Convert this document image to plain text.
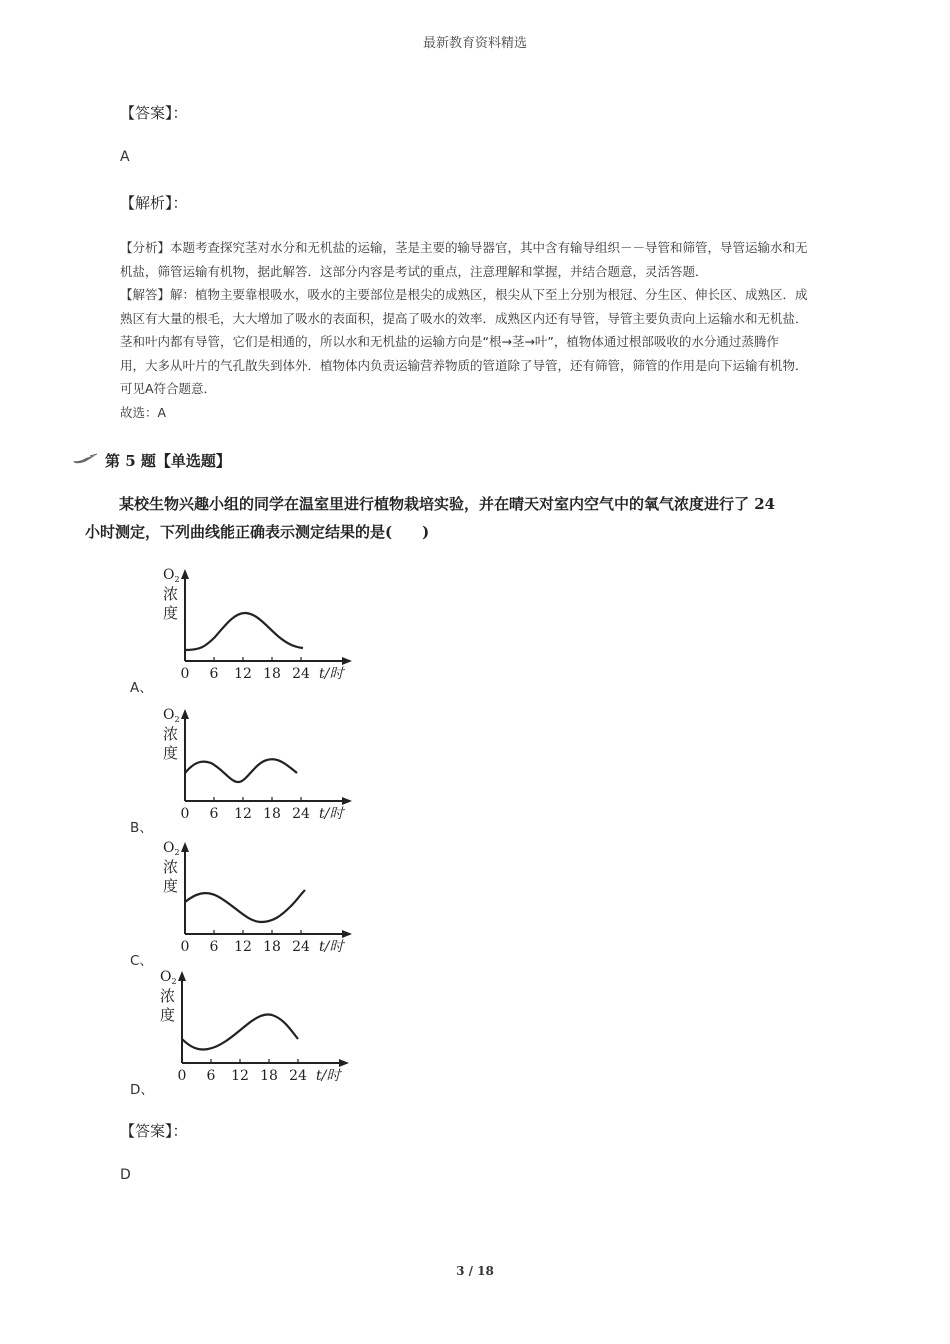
最新教育资料精选
【答案】：
A
【解析】：

【分析】本题考查探究茎对水分和无机盐的运输，茎是主要的输导器官，其中含有输导组织－－导管和筛管，导管运输水和无

机盐，筛管运输有机物，据此解答．这部分内容是考试的重点，注意理解和掌握，并结合题意，灵活答题．

【解答】解：植物主要靠根吸水，吸水的主要部位是根尖的成熟区，根尖从下至上分别为根冠、分生区、伸长区、成熟区．成

熟区有大量的根毛，大大增加了吸水的表面积，提高了吸水的效率．成熟区内还有导管，导管主要负责向上运输水和无机盐．

茎和叶内都有导管，它们是相通的，所以水和无机盐的运输方向是“根→茎→叶”，植物体通过根部吸收的水分通过蒸腾作

用，大多从叶片的气孔散失到体外．植物体内负责运输营养物质的管道除了导管，还有筛管，筛管的作用是向下运输有机物．

可见A符合题意．

故选：A

第 5 题【单选题】
某校生物兴趣小组的同学在温室里进行植物栽培实验，并在晴天对室内空气中的氧气浓度进行了 24
小时测定，下列曲线能正确表示测定结果的是(　　)
$O_2$
浓
度
0 6 12 18 24 t/时
A、
$O_2$
浓
度
0 6 12 18 24 t/时
B、
$O_2$
浓
度
0 6 12 18 24 t/时
C、
$O_2$
浓
度
0 6 12 18 24 t/时
D、
【答案】：
D
3 / 18
